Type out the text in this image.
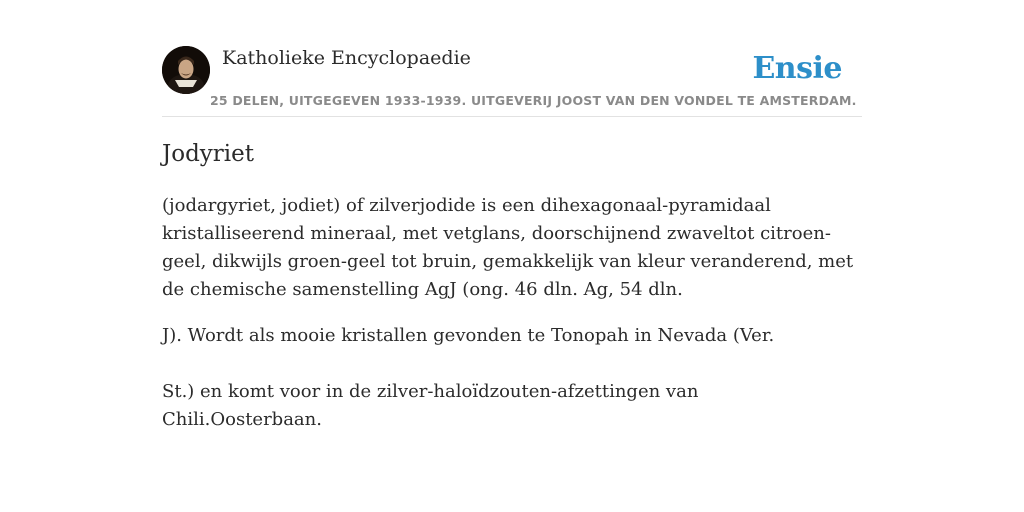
Katholieke Encyclopaedie
25 DELEN, UITGEGEVEN 1933-1939. UITGEVERIJ JOOST VAN DEN VONDEL TE AMSTERDAM.
Ensie
Jodyriet

(jodargyriet, jodiet) of zilverjodide is een dihexagonaal-pyramidaal kristalliseerend mineraal, met vetglans, doorschijnend zwaveltot citroen-geel, dikwijls groen-geel tot bruin, gemakkelijk van kleur veranderend, met de chemische samenstelling AgJ (ong. 46 dln. Ag, 54 dln.

J). Wordt als mooie kristallen gevonden te Tonopah in Nevada (Ver.

St.) en komt voor in de zilver-haloïdzouten-afzettingen van Chili.Oosterbaan.
